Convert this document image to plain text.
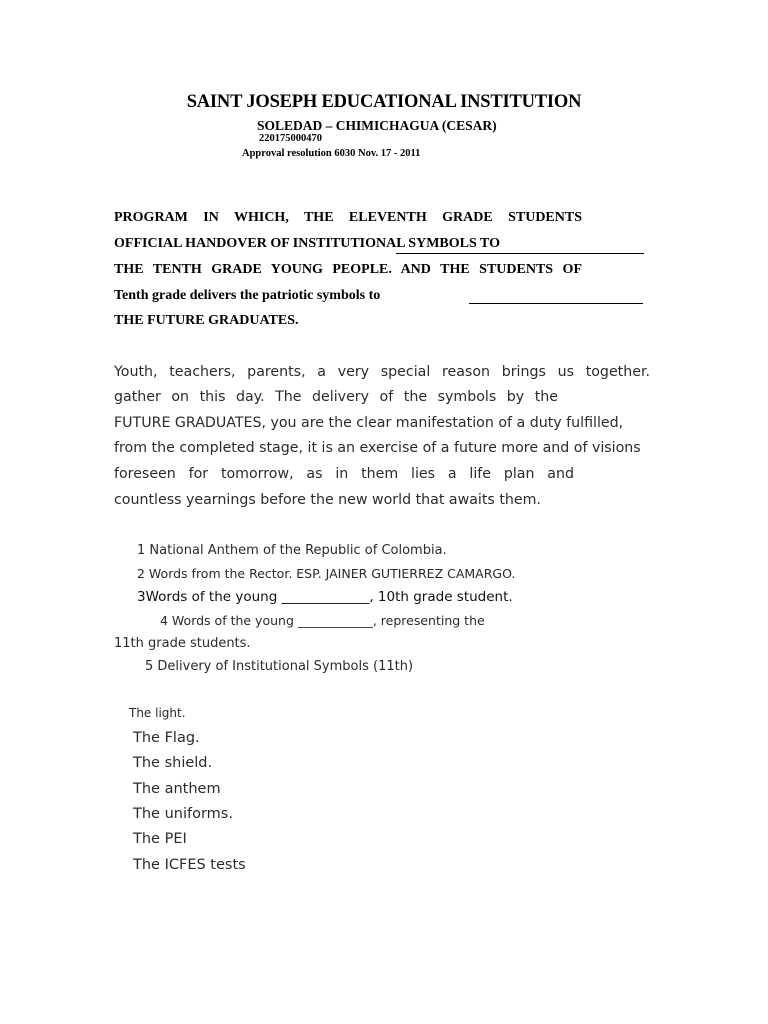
SAINT JOSEPH EDUCATIONAL INSTITUTION
SOLEDAD – CHIMICHAGUA (CESAR)
220175000470
Approval resolution 6030 Nov. 17 - 2011
PROGRAM IN WHICH, THE ELEVENTH GRADE STUDENTS
OFFICIAL HANDOVER OF INSTITUTIONAL SYMBOLS TO
THE TENTH GRADE YOUNG PEOPLE. AND THE STUDENTS OF
Tenth grade delivers the patriotic symbols to
THE FUTURE GRADUATES.
Youth, teachers, parents, a very special reason brings us together.
gather on this day. The delivery of the symbols by the
FUTURE GRADUATES, you are the clear manifestation of a duty fulfilled,
from the completed stage, it is an exercise of a future more and of visions
foreseen for tomorrow, as in them lies a life plan and
countless yearnings before the new world that awaits them.
1 National Anthem of the Republic of Colombia.
2 Words from the Rector. ESP. JAINER GUTIERREZ CAMARGO.
3Words of the young _____________, 10th grade student.
4 Words of the young ____________, representing the
11th grade students.
5 Delivery of Institutional Symbols (11th)
The light.
The Flag.
The shield.
The anthem
The uniforms.
The PEI
The ICFES tests
